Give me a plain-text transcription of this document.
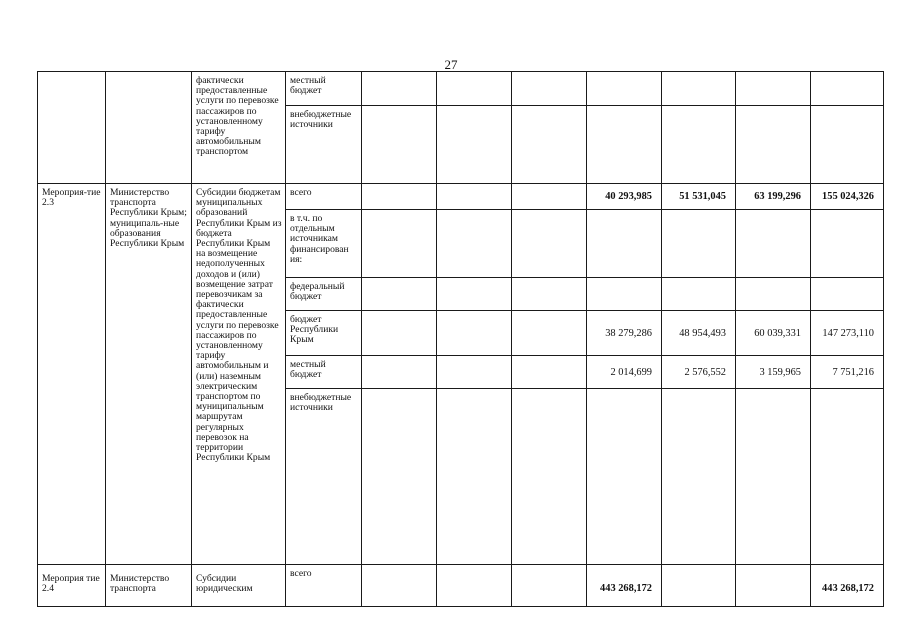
27
		фактически предоставленные услуги по перевозке пассажиров по установленному тарифу автомобильным транспортом	местный бюджет							
			внебюджетные источники							
Мероприя-тие 2.3	Министерство транспорта Республики Крым; муниципаль-ные образования Республики Крым	Субсидии бюджетам муниципальных образований Республики Крым из бюджета Республики Крым на возмещение недополученных доходов и (или) возмещение затрат перевозчикам за фактически предоставленные услуги по перевозке пассажиров по установленному тарифу автомобильным и (или) наземным электрическим транспортом по муниципальным маршрутам регулярных перевозок на территории Республики Крым	всего				40 293,985	51 531,045	63 199,296	155 024,326
			в т.ч. по отдельным источникам финансирован ия:							
			федеральный бюджет							
			бюджет Республики Крым				38 279,286	48 954,493	60 039,331	147 273,110
			местный бюджет				2 014,699	2 576,552	3 159,965	7 751,216
			внебюджетные источники							
Мероприя тие 2.4	Министерство транспорта	Субсидии юридическим	всего				443 268,172			443 268,172
